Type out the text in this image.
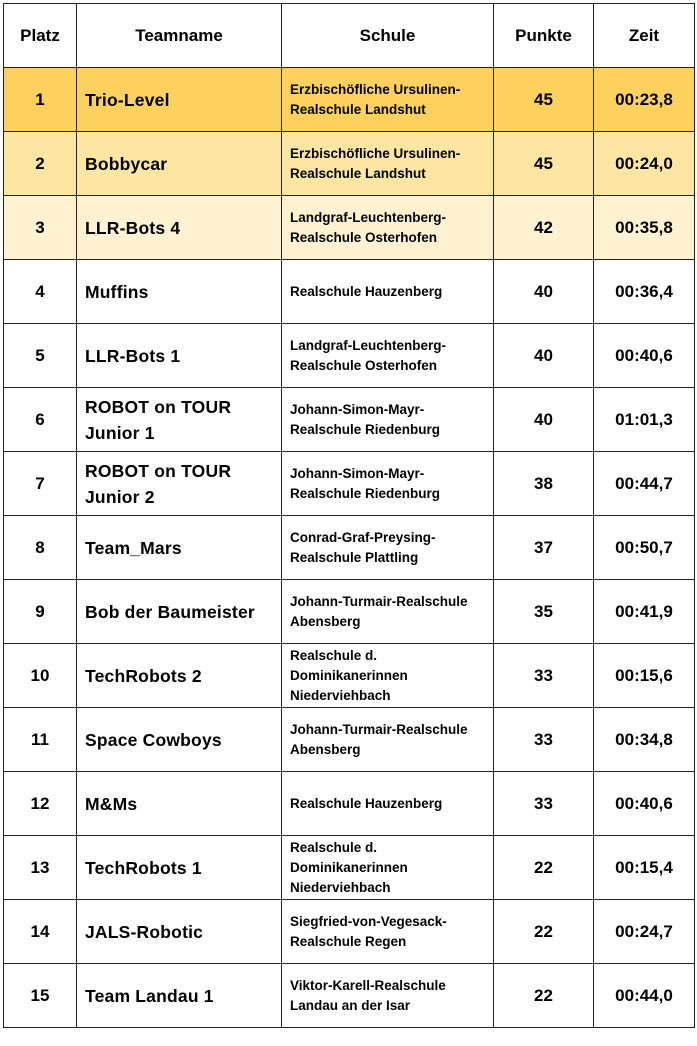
Platz	Teamname	Schule	Punkte	Zeit
1	Trio-Level	Erzbischöfliche Ursulinen-
Realschule Landshut	45	00:23,8
2	Bobbycar	Erzbischöfliche Ursulinen-
Realschule Landshut	45	00:24,0
3	LLR-Bots 4	Landgraf-Leuchtenberg-
Realschule Osterhofen	42	00:35,8
4	Muffins	Realschule Hauzenberg	40	00:36,4
5	LLR-Bots 1	Landgraf-Leuchtenberg-
Realschule Osterhofen	40	00:40,6
6	ROBOT on TOUR
Junior 1	Johann-Simon-Mayr-
Realschule Riedenburg	40	01:01,3
7	ROBOT on TOUR
Junior 2	Johann-Simon-Mayr-
Realschule Riedenburg	38	00:44,7
8	Team_Mars	Conrad-Graf-Preysing-
Realschule Plattling	37	00:50,7
9	Bob der Baumeister	Johann-Turmair-Realschule
Abensberg	35	00:41,9
10	TechRobots 2	Realschule d.
Dominikanerinnen
Niederviehbach	33	00:15,6
11	Space Cowboys	Johann-Turmair-Realschule
Abensberg	33	00:34,8
12	M&Ms	Realschule Hauzenberg	33	00:40,6
13	TechRobots 1	Realschule d.
Dominikanerinnen
Niederviehbach	22	00:15,4
14	JALS-Robotic	Siegfried-von-Vegesack-
Realschule Regen	22	00:24,7
15	Team Landau 1	Viktor-Karell-Realschule
Landau an der Isar	22	00:44,0
